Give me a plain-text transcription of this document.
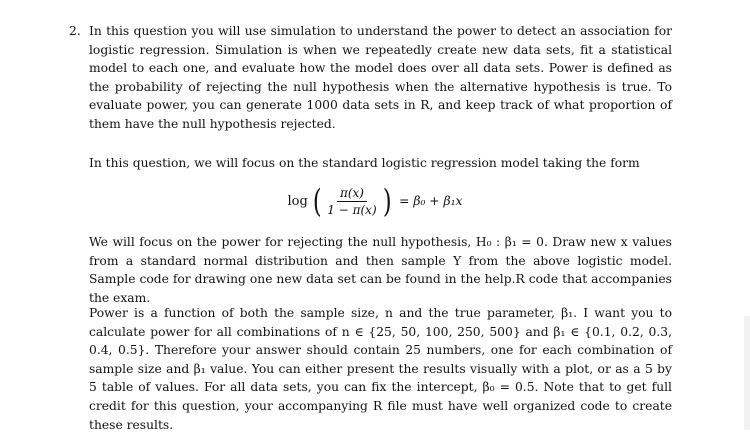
2. In this question you will use simulation to understand the power to detect an association for logistic regression. Simulation is when we repeatedly create new data sets, fit a statistical model to each one, and evaluate how the model does over all data sets. Power is defined as the probability of rejecting the null hypothesis when the alternative hypothesis is true. To evaluate power, you can generate 1000 data sets in R, and keep track of what proportion of them have the null hypothesis rejected.

In this question, we will focus on the standard logistic regression model taking the form

log ( $\frac{\pi(x)}{1 - \pi(x)}$ ) = β₀ + β₁x

We will focus on the power for rejecting the null hypothesis, H₀ : β₁ = 0. Draw new x values from a standard normal distribution and then sample Y from the above logistic model. Sample code for drawing one new data set can be found in the help.R code that accompanies the exam.

Power is a function of both the sample size, n and the true parameter, β₁. I want you to calculate power for all combinations of n ∈ {25, 50, 100, 250, 500} and β₁ ∈ {0.1, 0.2, 0.3, 0.4, 0.5}. Therefore your answer should contain 25 numbers, one for each combination of sample size and β₁ value. You can either present the results visually with a plot, or as a 5 by 5 table of values. For all data sets, you can fix the intercept, β₀ = 0.5. Note that to get full credit for this question, your accompanying R file must have well organized code to create these results.
